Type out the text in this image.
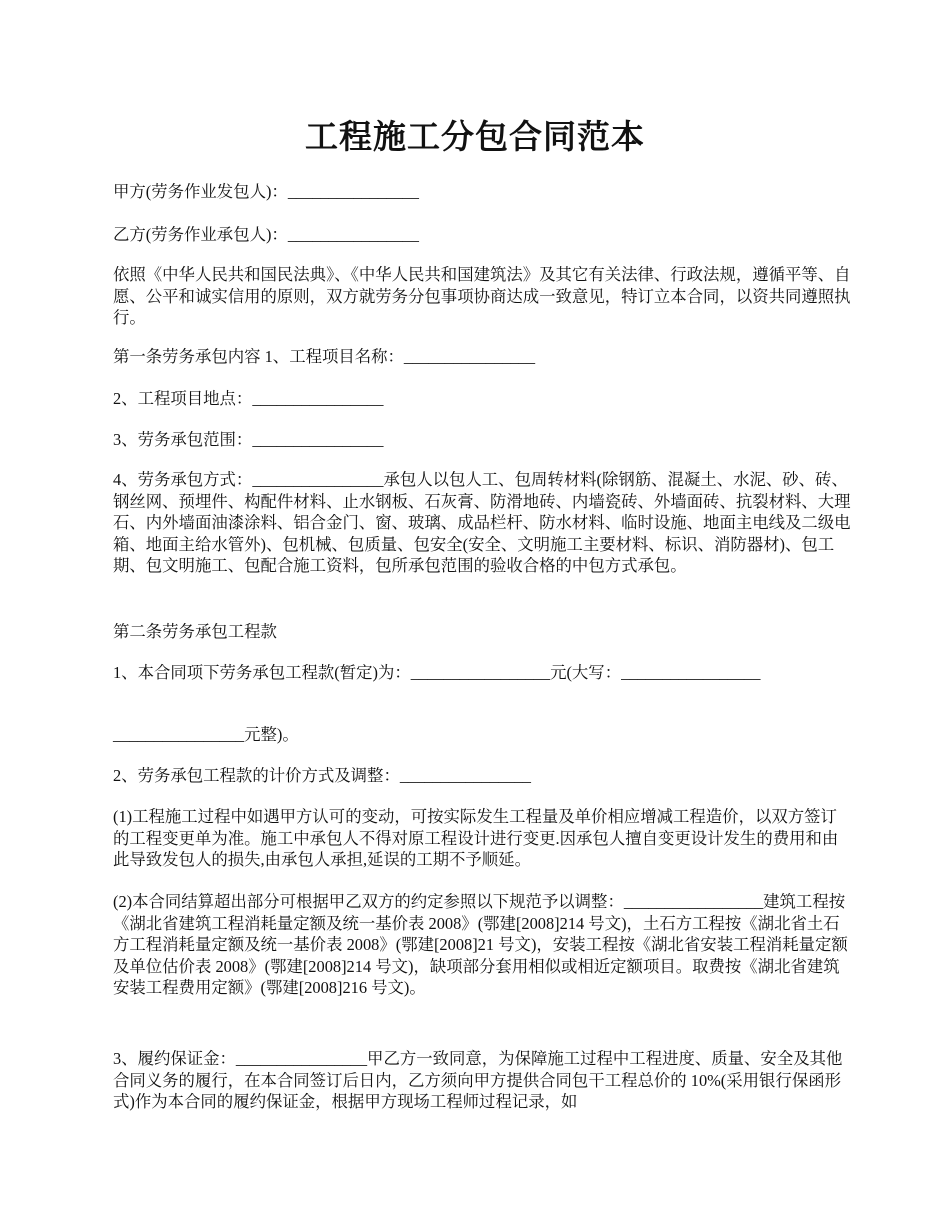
工程施工分包合同范本

甲方(劳务作业发包人)：________________

乙方(劳务作业承包人)：________________

依照《中华人民共和国民法典》、《中华人民共和国建筑法》及其它有关法律、行政法规，遵循平等、自愿、公平和诚实信用的原则，双方就劳务分包事项协商达成一致意见，特订立本合同，以资共同遵照执行。

第一条劳务承包内容 1、工程项目名称：________________

2、工程项目地点：________________

3、劳务承包范围：________________

4、劳务承包方式：________________承包人以包人工、包周转材料(除钢筋、混凝土、水泥、砂、砖、钢丝网、预埋件、构配件材料、止水钢板、石灰膏、防滑地砖、内墙瓷砖、外墙面砖、抗裂材料、大理石、内外墙面油漆涂料、铝合金门、窗、玻璃、成品栏杆、防水材料、临时设施、地面主电线及二级电箱、地面主给水管外)、包机械、包质量、包安全(安全、文明施工主要材料、标识、消防器材)、包工期、包文明施工、包配合施工资料，包所承包范围的验收合格的中包方式承包。

第二条劳务承包工程款

1、本合同项下劳务承包工程款(暂定)为：_________________元(大写：_________________

________________元整)。

2、劳务承包工程款的计价方式及调整：________________

(1)工程施工过程中如遇甲方认可的变动，可按实际发生工程量及单价相应增减工程造价，以双方签订的工程变更单为准。施工中承包人不得对原工程设计进行变更.因承包人擅自变更设计发生的费用和由此导致发包人的损失,由承包人承担,延误的工期不予顺延。

(2)本合同结算超出部分可根据甲乙双方的约定参照以下规范予以调整：_________________建筑工程按《湖北省建筑工程消耗量定额及统一基价表 2008》(鄂建[2008]214 号文)，土石方工程按《湖北省土石方工程消耗量定额及统一基价表 2008》(鄂建[2008]21 号文)，安装工程按《湖北省安装工程消耗量定额及单位估价表 2008》(鄂建[2008]214 号文)，缺项部分套用相似或相近定额项目。取费按《湖北省建筑安装工程费用定额》(鄂建[2008]216 号文)。

3、履约保证金：________________甲乙方一致同意，为保障施工过程中工程进度、质量、安全及其他合同义务的履行，在本合同签订后日内，乙方须向甲方提供合同包干工程总价的 10%(采用银行保函形式)作为本合同的履约保证金，根据甲方现场工程师过程记录，如
